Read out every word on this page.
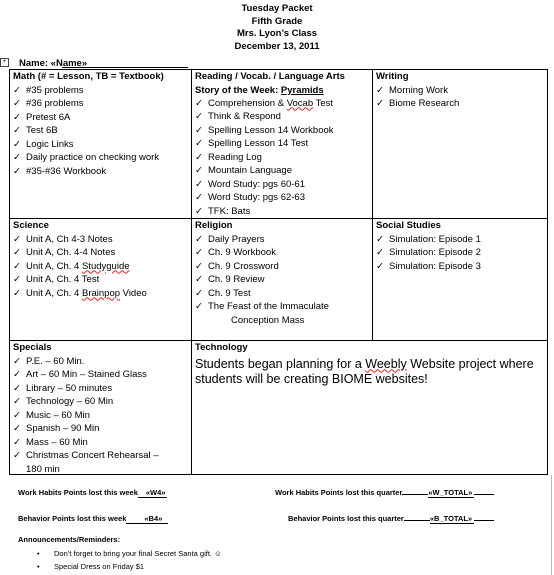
Tuesday Packet
Fifth Grade
Mrs. Lyon’s Class
December 13, 2011
+ Name: «Name»
Math (# = Lesson, TB = Textbook)
✓ #35 problems
✓ #36 problems
✓ Pretest 6A
✓ Test 6B
✓ Logic Links
✓ Daily practice on checking work
✓ #35-#36 Workbook
Reading / Vocab. / Language Arts
Story of the Week: Pyramids
✓ Comprehension & Vocab Test
✓ Think & Respond
✓ Spelling Lesson 14 Workbook
✓ Spelling Lesson 14 Test
✓ Reading Log
✓ Mountain Language
✓ Word Study: pgs 60-61
✓ Word Study: pgs 62-63
✓ TFK: Bats
Writing
✓ Morning Work
✓ Biome Research
Science
✓ Unit A, Ch 4-3 Notes
✓ Unit A, Ch. 4-4 Notes
✓ Unit A, Ch. 4 Studyguide
✓ Unit A, Ch. 4 Test
✓ Unit A, Ch. 4 Brainpop Video
Religion
✓ Daily Prayers
✓ Ch. 9 Workbook
✓ Ch. 9 Crossword
✓ Ch. 9 Review
✓ Ch. 9 Test
✓ The Feast of the Immaculate
Conception Mass
Social Studies
✓ Simulation: Episode 1
✓ Simulation: Episode 2
✓ Simulation: Episode 3
Specials
✓ P.E. – 60 Min.
✓ Art – 60 Min – Stained Glass
✓ Library – 50 minutes
✓ Technology – 60 Min
✓ Music – 60 Min
✓ Spanish – 90 Min
✓ Mass – 60 Min
✓ Christmas Concert Rehearsal –
180 min
Technology
Students began planning for a Weebly Website project where students will be creating BIOME websites!
Work Habits Points lost this week «W4»	Work Habits Points lost this quarter	«W_TOTAL»
Behavior Points lost this week «B4»	Behavior Points lost this quarter	«B_TOTAL»
Announcements/Reminders:
• Don’t forget to bring your final Secret Santa gift. ☺
• Special Dress on Friday $1
